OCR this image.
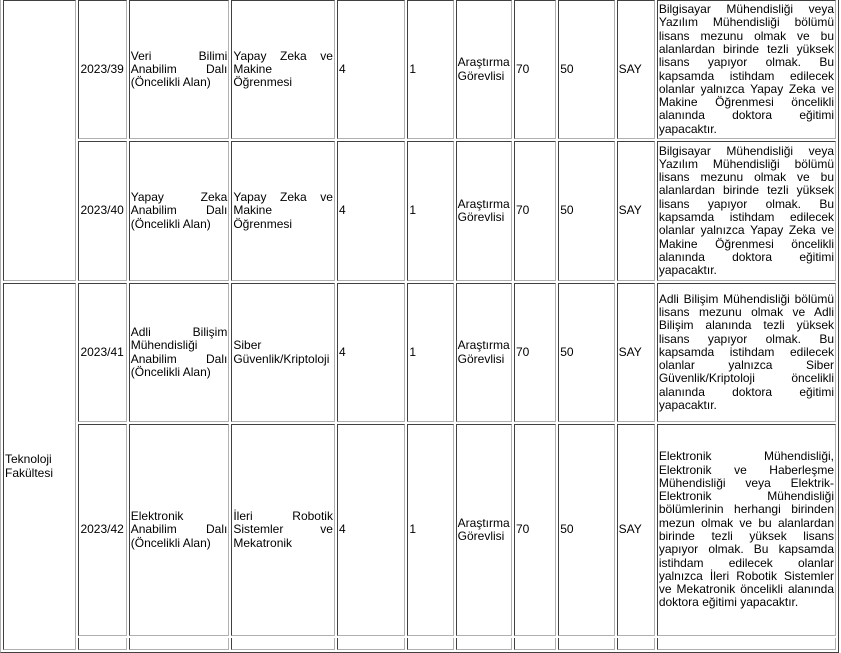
	2023/39	Veri Bilimi Anabilim Dalı (Öncelikli Alan)	Yapay Zeka ve Makine Öğrenmesi	4	1	Araştırma Görevlisi	70	50	SAY	Bilgisayar Mühendisliği veya Yazılım Mühendisliği bölümü lisans mezunu olmak ve bu alanlardan birinde tezli yüksek lisans yapıyor olmak. Bu kapsamda istihdam edilecek olanlar yalnızca Yapay Zeka ve Makine Öğrenmesi öncelikli alanında doktora eğitimi yapacaktır.
	2023/40	Yapay Zeka Anabilim Dalı (Öncelikli Alan)	Yapay Zeka ve Makine Öğrenmesi	4	1	Araştırma Görevlisi	70	50	SAY	Bilgisayar Mühendisliği veya Yazılım Mühendisliği bölümü lisans mezunu olmak ve bu alanlardan birinde tezli yüksek lisans yapıyor olmak. Bu kapsamda istihdam edilecek olanlar yalnızca Yapay Zeka ve Makine Öğrenmesi öncelikli alanında doktora eğitimi yapacaktır.
Teknoloji Fakültesi	2023/41	Adli Bilişim Mühendisliği Anabilim Dalı (Öncelikli Alan)	Siber Güvenlik/Kriptoloji	4	1	Araştırma Görevlisi	70	50	SAY	Adli Bilişim Mühendisliği bölümü lisans mezunu olmak ve Adli Bilişim alanında tezli yüksek lisans yapıyor olmak. Bu kapsamda istihdam edilecek olanlar yalnızca Siber Güvenlik/Kriptoloji öncelikli alanında doktora eğitimi yapacaktır.
	2023/42	Elektronik Anabilim Dalı (Öncelikli Alan)	İleri Robotik Sistemler ve Mekatronik	4	1	Araştırma Görevlisi	70	50	SAY	Elektronik Mühendisliği, Elektronik ve Haberleşme Mühendisliği veya Elektrik-Elektronik Mühendisliği bölümlerinin herhangi birinden mezun olmak ve bu alanlardan birinde tezli yüksek lisans yapıyor olmak. Bu kapsamda istihdam edilecek olanlar yalnızca İleri Robotik Sistemler ve Mekatronik öncelikli alanında doktora eğitimi yapacaktır.
